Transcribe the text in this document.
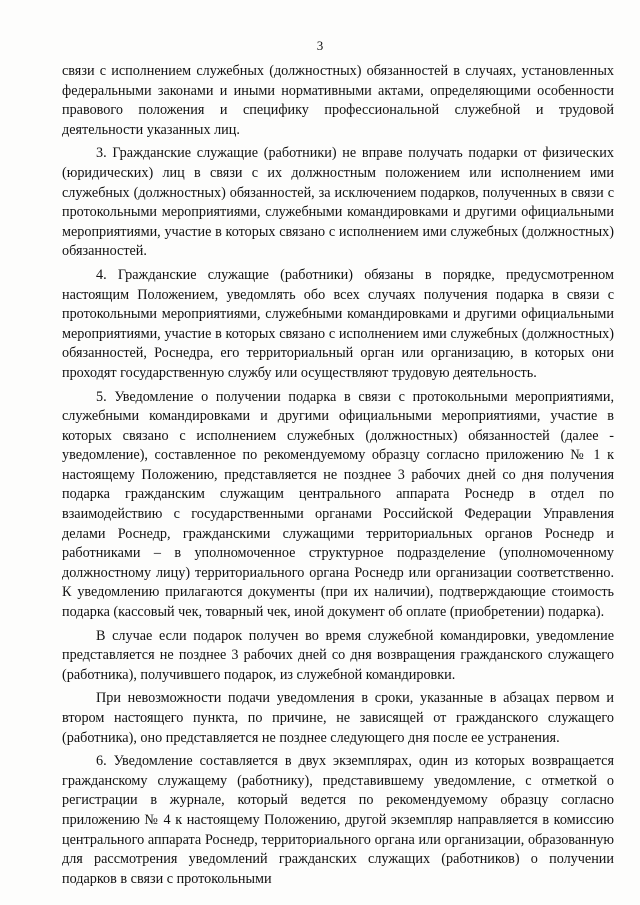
3

связи с исполнением служебных (должностных) обязанностей в случаях, установленных федеральными законами и иными нормативными актами, определяющими особенности правового положения и специфику профессиональной служебной и трудовой деятельности указанных лиц.

3. Гражданские служащие (работники) не вправе получать подарки от физических (юридических) лиц в связи с их должностным положением или исполнением ими служебных (должностных) обязанностей, за исключением подарков, полученных в связи с протокольными мероприятиями, служебными командировками и другими официальными мероприятиями, участие в которых связано с исполнением ими служебных (должностных) обязанностей.

4. Гражданские служащие (работники) обязаны в порядке, предусмотренном настоящим Положением, уведомлять обо всех случаях получения подарка в связи с протокольными мероприятиями, служебными командировками и другими официальными мероприятиями, участие в которых связано с исполнением ими служебных (должностных) обязанностей, Роснедра, его территориальный орган или организацию, в которых они проходят государственную службу или осуществляют трудовую деятельность.

5. Уведомление о получении подарка в связи с протокольными мероприятиями, служебными командировками и другими официальными мероприятиями, участие в которых связано с исполнением служебных (должностных) обязанностей (далее - уведомление), составленное по рекомендуемому образцу согласно приложению № 1 к настоящему Положению, представляется не позднее 3 рабочих дней со дня получения подарка гражданским служащим центрального аппарата Роснедр в отдел по взаимодействию с государственными органами Российской Федерации Управления делами Роснедр, гражданскими служащими территориальных органов Роснедр и работниками – в уполномоченное структурное подразделение (уполномоченному должностному лицу) территориального органа Роснедр или организации соответственно. К уведомлению прилагаются документы (при их наличии), подтверждающие стоимость подарка (кассовый чек, товарный чек, иной документ об оплате (приобретении) подарка).

В случае если подарок получен во время служебной командировки, уведомление представляется не позднее 3 рабочих дней со дня возвращения гражданского служащего (работника), получившего подарок, из служебной командировки.

При невозможности подачи уведомления в сроки, указанные в абзацах первом и втором настоящего пункта, по причине, не зависящей от гражданского служащего (работника), оно представляется не позднее следующего дня после ее устранения.

6. Уведомление составляется в двух экземплярах, один из которых возвращается гражданскому служащему (работнику), представившему уведомление, с отметкой о регистрации в журнале, который ведется по рекомендуемому образцу согласно приложению № 4 к настоящему Положению, другой экземпляр направляется в комиссию центрального аппарата Роснедр, территориального органа или организации, образованную для рассмотрения уведомлений гражданских служащих (работников) о получении подарков в связи с протокольными
